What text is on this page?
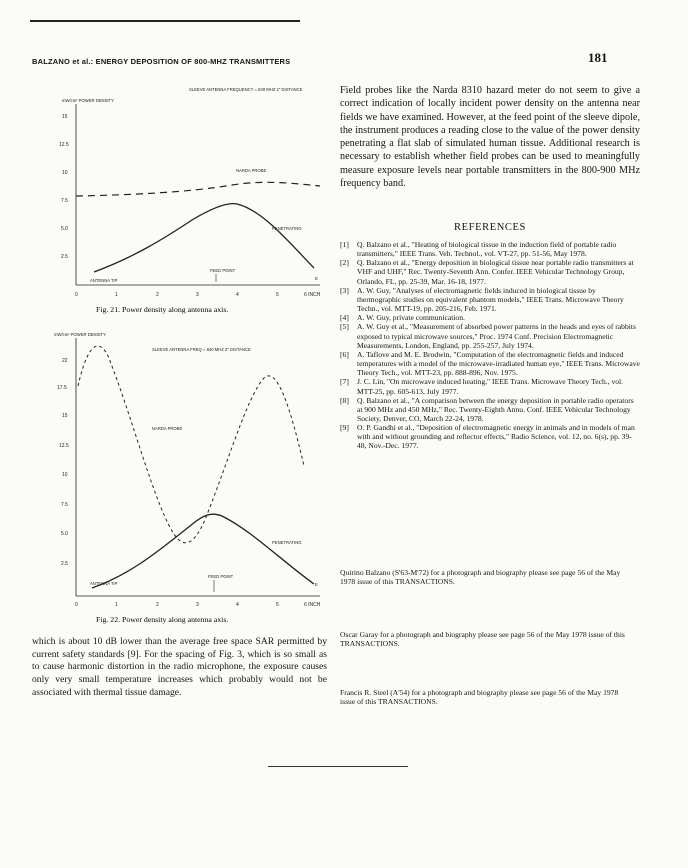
BALZANO et al.: ENERGY DEPOSITION OF 800-MHZ TRANSMITTERS	181
mW/cm² POWER DENSITY
SLEEVE ANTENNA FREQUENCY = 840 MHZ 2" DISTANCE
15
12.5
10
7.5
5.0
2.5
0	1	2	3	4	5	6 INCH
NARDA PROBE
PENETRATING
FEED POINT
ANTENNA TIP	E
Fig. 21. Power density along antenna axis.
mW/cm² POWER DENSITY
SLEEVE ANTENNA FREQ = 840 MHZ 2" DISTANCE
22
17.5
15
12.5
10
7.5
5.0
2.5
0	1	2	3	4	5	6 INCH
NARDA PROBE
PENETRATING
FEED POINT
ANTENNA TIP	E
Fig. 22. Power density along antenna axis.
which is about 10 dB lower than the average free space SAR permitted by current safety standards [9]. For the spacing of Fig. 3, which is so small as to cause harmonic distortion in the radio microphone, the exposure causes only very small temperature increases which probably would not be associated with thermal tissue damage.
Field probes like the Narda 8310 hazard meter do not seem to give a correct indication of locally incident power density on the antenna near fields we have examined. However, at the feed point of the sleeve dipole, the instrument produces a reading close to the value of the power density penetrating a flat slab of simulated human tissue. Additional research is necessary to establish whether field probes can be used to meaningfully measure exposure levels near portable transmitters in the 800-900 MHz frequency band.
REFERENCES
[1]	Q. Balzano et al., "Heating of biological tissue in the induction field of portable radio transmitters," IEEE Trans. Veh. Technol., vol. VT-27, pp. 51-56, May 1978.
[2]	Q. Balzano et al., "Energy deposition in biological tissue near portable radio transmitters at VHF and UHF," Rec. Twenty-Seventh Ann. Confer. IEEE Vehicular Technology Group, Orlando, FL, pp. 25-39, Mar. 16-18, 1977.
[3]	A. W. Guy, "Analyses of electromagnetic fields induced in biological tissue by thermographic studies on equivalent phantom models," IEEE Trans. Microwave Theory Techn., vol. MTT-19, pp. 205-216, Feb. 1971.
[4]	A. W. Guy, private communication.
[5]	A. W. Guy et al., "Measurement of absorbed power patterns in the heads and eyes of rabbits exposed to typical microwave sources," Proc. 1974 Conf. Precision Electromagnetic Measurements, London, England, pp. 255-257, July 1974.
[6]	A. Taflove and M. E. Brodwin, "Computation of the electromagnetic fields and induced temperatures with a model of the microwave-irradiated human eye," IEEE Trans. Microwave Theory Tech., vol. MTT-23, pp. 888-896, Nov. 1975.
[7]	J. C. Lin, "On microwave induced heating," IEEE Trans. Microwave Theory Tech., vol. MTT-25, pp. 605-613, July 1977.
[8]	Q. Balzano et al., "A comparison between the energy deposition in portable radio operators at 900 MHz and 450 MHz," Rec. Twenty-Eighth Annu. Conf. IEEE Vehicular Technology Society, Denver, CO, March 22-24, 1978.
[9]	O. P. Gandhi et al., "Deposition of electromagnetic energy in animals and in models of man with and without grounding and reflector effects," Radio Science, vol. 12, no. 6(s), pp. 39-48, Nov.-Dec. 1977.
Quirino Balzano (S'63-M'72) for a photograph and biography please see page 56 of the May 1978 issue of this TRANSACTIONS.
Oscar Garay for a photograph and biography please see page 56 of the May 1978 issue of this TRANSACTIONS.
Francis R. Steel (A'54) for a photograph and biography please see page 56 of the May 1978 issue of this TRANSACTIONS.
